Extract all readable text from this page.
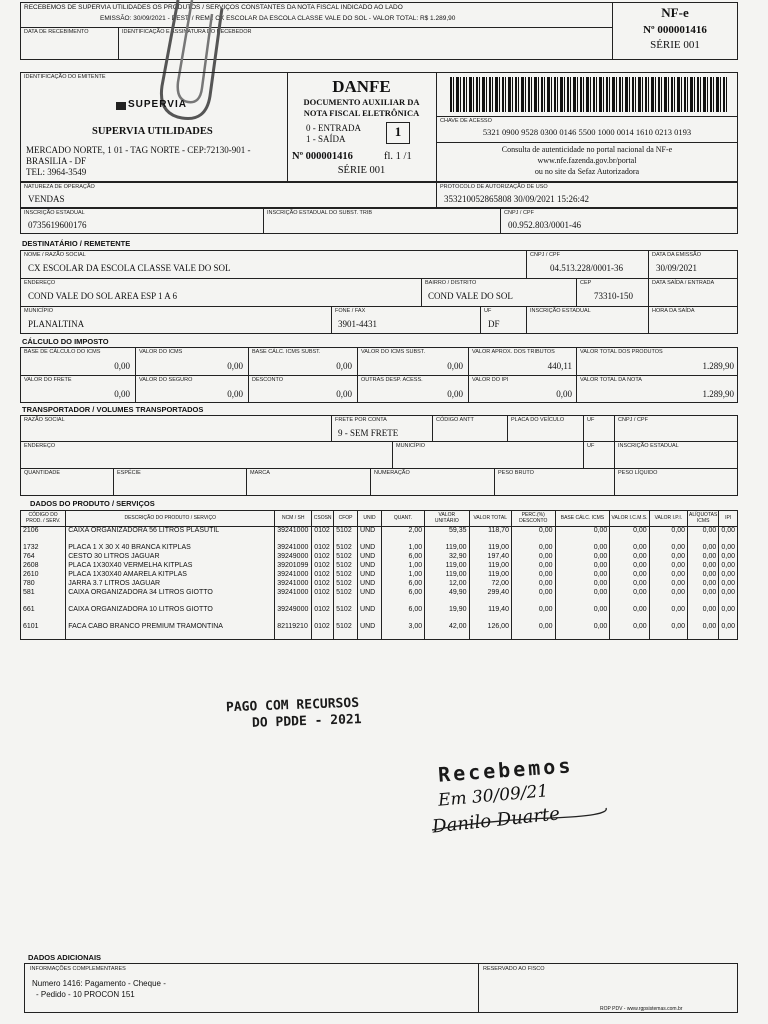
RECEBEMOS DE SUPERVIA UTILIDADES OS PRODUTOS / SERVIÇOS CONSTANTES DA NOTA FISCAL INDICADO AO LADO
EMISSÃO: 30/09/2021 - DEST. / REM.: CX ESCOLAR DA ESCOLA CLASSE VALE DO SOL - VALOR TOTAL: R$ 1.289,90
DATA DE RECEBIMENTO	IDENTIFICAÇÃO E ASSINATURA DO RECEBEDOR
NF-e
Nº 000001416
SÉRIE 001
IDENTIFICAÇÃO DO EMITENTE
SUPERVIA
SUPERVIA UTILIDADES
MERCADO NORTE, 1 01 - TAG NORTE - CEP:72130-901 -
BRASILIA - DF
TEL: 3964-3549
DANFE
DOCUMENTO AUXILIAR DA
NOTA FISCAL ELETRÔNICA
0 - ENTRADA
1 - SAÍDA	1
Nº 000001416	fl. 1 /1
SÉRIE 001
CHAVE DE ACESSO
5321 0900 9528 0300 0146 5500 1000 0014 1610 0213 0193
Consulta de autenticidade no portal nacional da NF-e
www.nfe.fazenda.gov.br/portal
ou no site da Sefaz Autorizadora
NATUREZA DE OPERAÇÃO
VENDAS
PROTOCOLO DE AUTORIZAÇÃO DE USO
353210052865808 30/09/2021 15:26:42
INSCRIÇÃO ESTADUAL
0735619600176
INSCRIÇÃO ESTADUAL DO SUBST. TRIB	CNPJ / CPF
00.952.803/0001-46
DESTINATÁRIO / REMETENTE
NOME / RAZÃO SOCIAL
CX ESCOLAR DA ESCOLA CLASSE VALE DO SOL
CNPJ / CPF
04.513.228/0001-36
DATA DA EMISSÃO
30/09/2021
ENDEREÇO
COND VALE DO SOL AREA ESP 1 A 6
BAIRRO / DISTRITO
COND VALE DO SOL
CEP
73310-150
DATA SAÍDA / ENTRADA
MUNICÍPIO
PLANALTINA
FONE / FAX
3901-4431
UF
DF
INSCRIÇÃO ESTADUAL	HORA DA SAÍDA
CÁLCULO DO IMPOSTO
BASE DE CÁLCULO DO ICMS
0,00
VALOR DO ICMS
0,00
BASE CÁLC. ICMS SUBST.
0,00
VALOR DO ICMS SUBST.
0,00
VALOR APROX. DOS TRIBUTOS
440,11
VALOR TOTAL DOS PRODUTOS
1.289,90
VALOR DO FRETE
0,00
VALOR DO SEGURO
0,00
DESCONTO
0,00
OUTRAS DESP. ACESS.
0,00
VALOR DO IPI
0,00
VALOR TOTAL DA NOTA
1.289,90
TRANSPORTADOR / VOLUMES TRANSPORTADOS
RAZÃO SOCIAL	FRETE POR CONTA
9 - SEM FRETE
CÓDIGO ANTT	PLACA DO VEÍCULO	UF	CNPJ / CPF
ENDEREÇO	MUNICÍPIO	UF	INSCRIÇÃO ESTADUAL
QUANTIDADE	ESPÉCIE	MARCA	NUMERAÇÃO	PESO BRUTO	PESO LÍQUIDO
DADOS DO PRODUTO / SERVIÇOS
CÓDIGO DO PROD. / SERV.	DESCRIÇÃO DO PRODUTO / SERVIÇO	NCM / SH	CSOSN	CFOP	UNID	QUANT.	VALOR UNITÁRIO	VALOR TOTAL	PERC.(%) DESCONTO	BASE CÁLC. ICMS	VALOR I.C.M.S.	VALOR I.P.I.	ALÍQUOTAS ICMS	IPI
2106	CAIXA ORGANIZADORA 56 LITROS PLASUTIL	39241000	0102	5102	UND	2,00	59,35	118,70	0,00	0,00	0,00	0,00	0,00	0,00
1732	PLACA 1 X 30 X 40 BRANCA KITPLAS	39241000	0102	5102	UND	1,00	119,00	119,00	0,00	0,00	0,00	0,00	0,00	0,00
764	CESTO 30 LITROS JAGUAR	39249000	0102	5102	UND	6,00	32,90	197,40	0,00	0,00	0,00	0,00	0,00	0,00
2608	PLACA 1X30X40 VERMELHA KITPLAS	39201099	0102	5102	UND	1,00	119,00	119,00	0,00	0,00	0,00	0,00	0,00	0,00
2610	PLACA 1X30X40 AMARELA KITPLAS	39241000	0102	5102	UND	1,00	119,00	119,00	0,00	0,00	0,00	0,00	0,00	0,00
780	JARRA 3.7 LITROS JAGUAR	39241000	0102	5102	UND	6,00	12,00	72,00	0,00	0,00	0,00	0,00	0,00	0,00
581	CAIXA ORGANIZADORA 34 LITROS GIOTTO	39241000	0102	5102	UND	6,00	49,90	299,40	0,00	0,00	0,00	0,00	0,00	0,00
661	CAIXA ORGANIZADORA 10 LITROS GIOTTO	39249000	0102	5102	UND	6,00	19,90	119,40	0,00	0,00	0,00	0,00	0,00	0,00
6101	FACA CABO BRANCO PREMIUM TRAMONTINA	82119210	0102	5102	UND	3,00	42,00	126,00	0,00	0,00	0,00	0,00	0,00	0,00
PAGO COM RECURSOS
DO PDDE - 2021
Recebemos
Em 30/09/21
Danilo Duarte
DADOS ADICIONAIS
INFORMAÇÕES COMPLEMENTARES
Numero 1416: Pagamento - Cheque -
- Pedido - 10 PROCON 151
RESERVADO AO FISCO
ROP PDV - www.rgpsistemas.com.br
